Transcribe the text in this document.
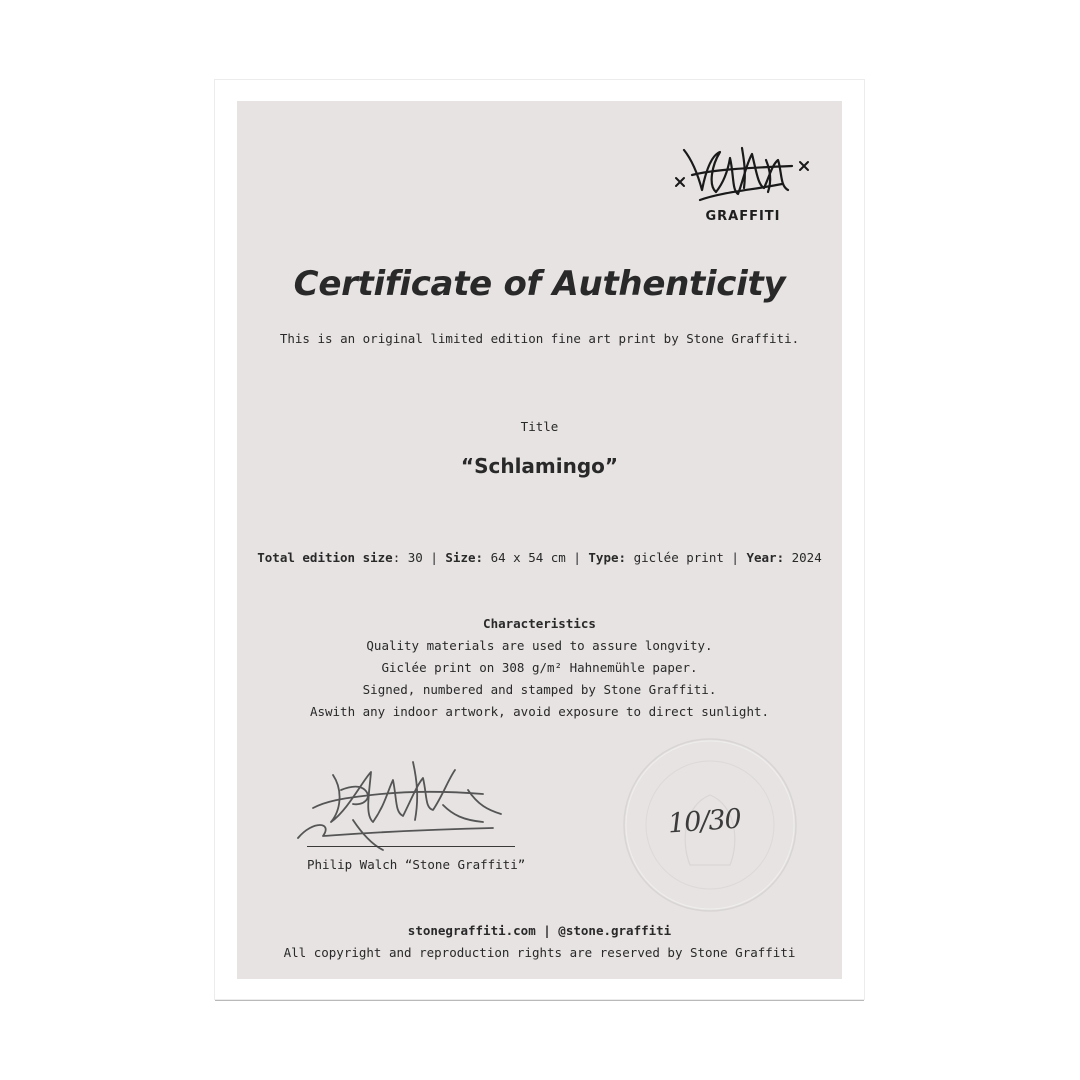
GRAFFITI
Certificate of Authenticity
This is an original limited edition fine art print by Stone Graffiti.
Title
“Schlamingo”
Total edition size: 30 | Size: 64 x 54 cm | Type: giclée print | Year: 2024
Characteristics
Quality materials are used to assure longvity.
Giclée print on 308 g/m² Hahnemühle paper.
Signed, numbered and stamped by Stone Graffiti.
Aswith any indoor artwork, avoid exposure to direct sunlight.
Philip Walch “Stone Graffiti”
10/30
stonegraffiti.com | @stone.graffiti
All copyright and reproduction rights are reserved by Stone Graffiti
